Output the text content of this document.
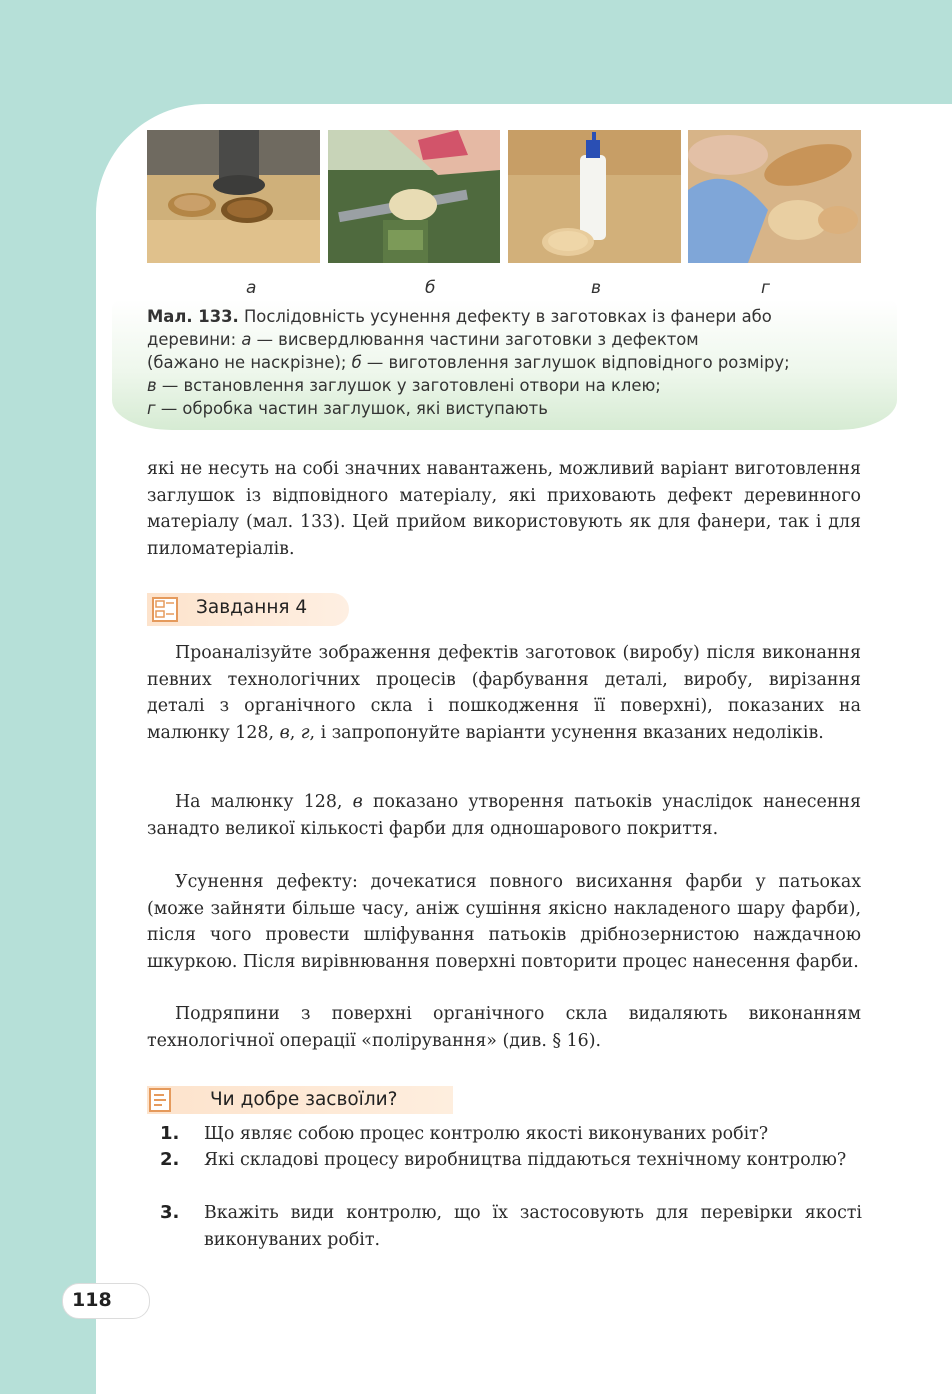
а	б	в	г
Мал. 133. Послідовність усунення дефекту в заготовках із фанери або
деревини: а — висвердлювання частини заготовки з дефектом
(бажано не наскрізне); б — виготовлення заглушок відповідного розміру;
в — встановлення заглушок у заготовлені отвори на клею;
г — обробка частин заглушок, які виступають
які не несуть на собі значних навантажень, можливий варіант виготовлення заглушок із відповідного матеріалу, які приховають дефект деревинного матеріалу (мал. 133). Цей прийом використовують як для фанери, так і для пиломатеріалів.
Завдання 4
Проаналізуйте зображення дефектів заготовок (виробу) після виконання певних технологічних процесів (фарбування деталі, виробу, вирізання деталі з органічного скла і пошкодження її поверхні), показаних на малюнку 128, в, г, і запропонуйте варіанти усунення вказаних недоліків.
На малюнку 128, в показано утворення патьоків унаслідок нанесення занадто великої кількості фарби для одношарового покриття.
Усунення дефекту: дочекатися повного висихання фарби у патьоках (може зайняти більше часу, аніж сушіння якісно накладеного шару фарби), після чого провести шліфування патьоків дрібнозернистою наждачною шкуркою. Після вирівнювання поверхні повторити процес нанесення фарби.
Подряпини з поверхні органічного скла видаляють виконанням технологічної операції «полірування» (див. § 16).
Чи добре засвоїли?
1. Що являє собою процес контролю якості виконуваних робіт?
2. Які складові процесу виробництва піддаються технічному контролю?
3. Вкажіть види контролю, що їх застосовують для перевірки якості виконуваних робіт.
118
